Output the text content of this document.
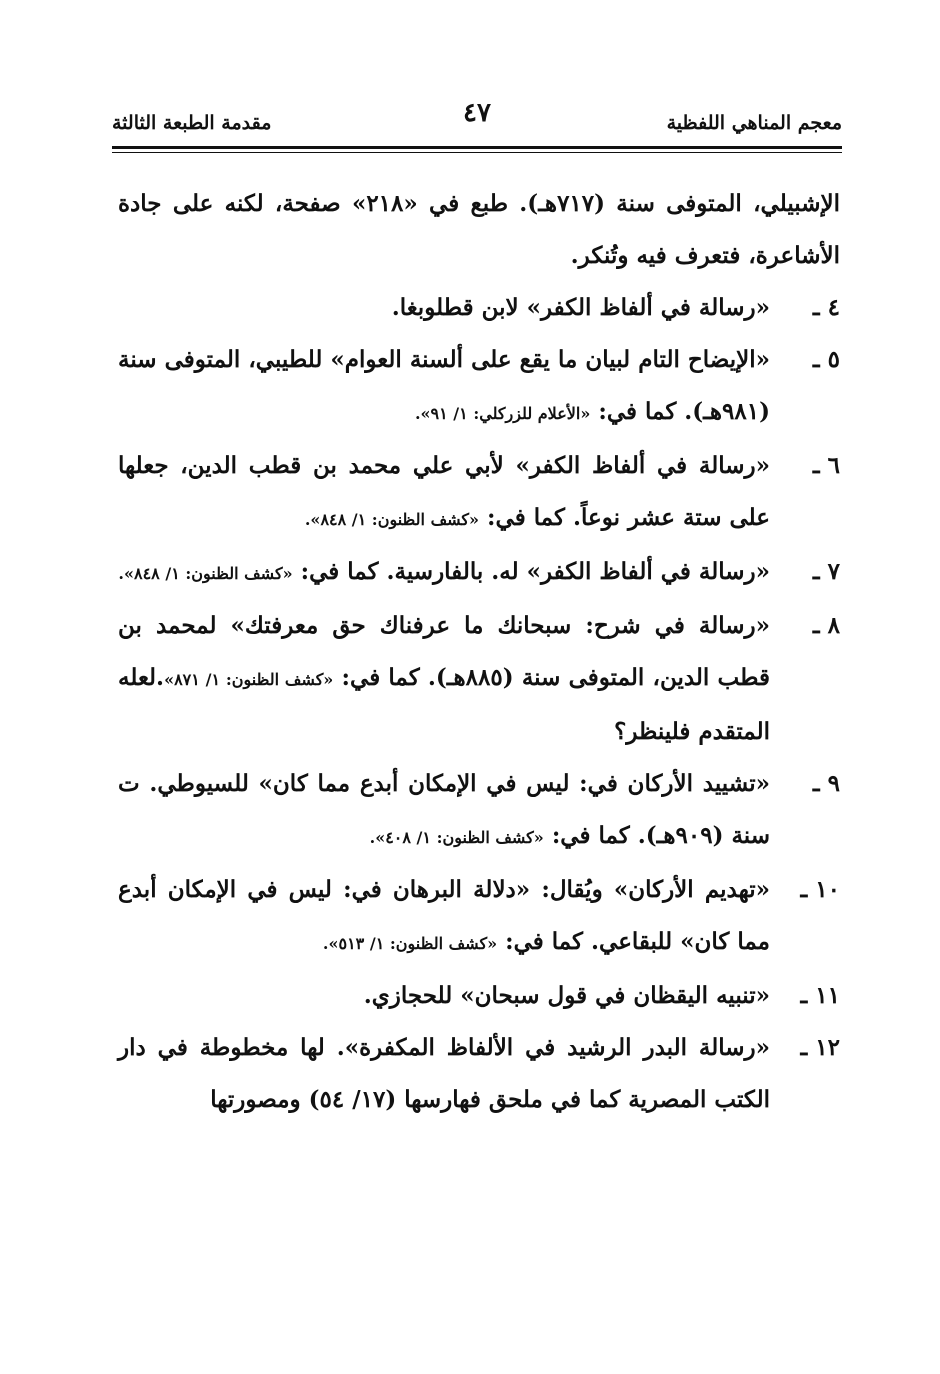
معجم المناهي اللفظية
٤٧
مقدمة الطبعة الثالثة
الإشبيلي، المتوفى سنة (٧١٧هـ). طبع في «٢١٨» صفحة، لكنه على جادة الأشاعرة، فتعرف فيه وتُنكر.
٤ ـ
«رسالة في ألفاظ الكفر» لابن قطلوبغا.
٥ ـ
«الإيضاح التام لبيان ما يقع على ألسنة العوام» للطيبي، المتوفى سنة (٩٨١هـ). كما في: «الأعلام للزركلي: ١/ ٩١».
٦ ـ
«رسالة في ألفاظ الكفر» لأبي علي محمد بن قطب الدين، جعلها على ستة عشر نوعاً. كما في: «كشف الظنون: ١/ ٨٤٨».
٧ ـ
«رسالة في ألفاظ الكفر» له. بالفارسية. كما في: «كشف الظنون: ١/ ٨٤٨».
٨ ـ
«رسالة في شرح: سبحانك ما عرفناك حق معرفتك» لمحمد بن قطب الدين، المتوفى سنة (٨٨٥هـ). كما في: «كشف الظنون: ١/ ٨٧١».لعله المتقدم فلينظر؟
٩ ـ
«تشييد الأركان في: ليس في الإمكان أبدع مما كان» للسيوطي. ت سنة (٩٠٩هـ). كما في: «كشف الظنون: ١/ ٤٠٨».
١٠ ـ
«تهديم الأركان» ويُقال: «دلالة البرهان في: ليس في الإمكان أبدع مما كان» للبقاعي. كما في: «كشف الظنون: ١/ ٥١٣».
١١ ـ
«تنبيه اليقظان في قول سبحان» للحجازي.
١٢ ـ
«رسالة البدر الرشيد في الألفاظ المكفرة». لها مخطوطة في دار الكتب المصرية كما في ملحق فهارسها (١٧/ ٥٤) ومصورتها
